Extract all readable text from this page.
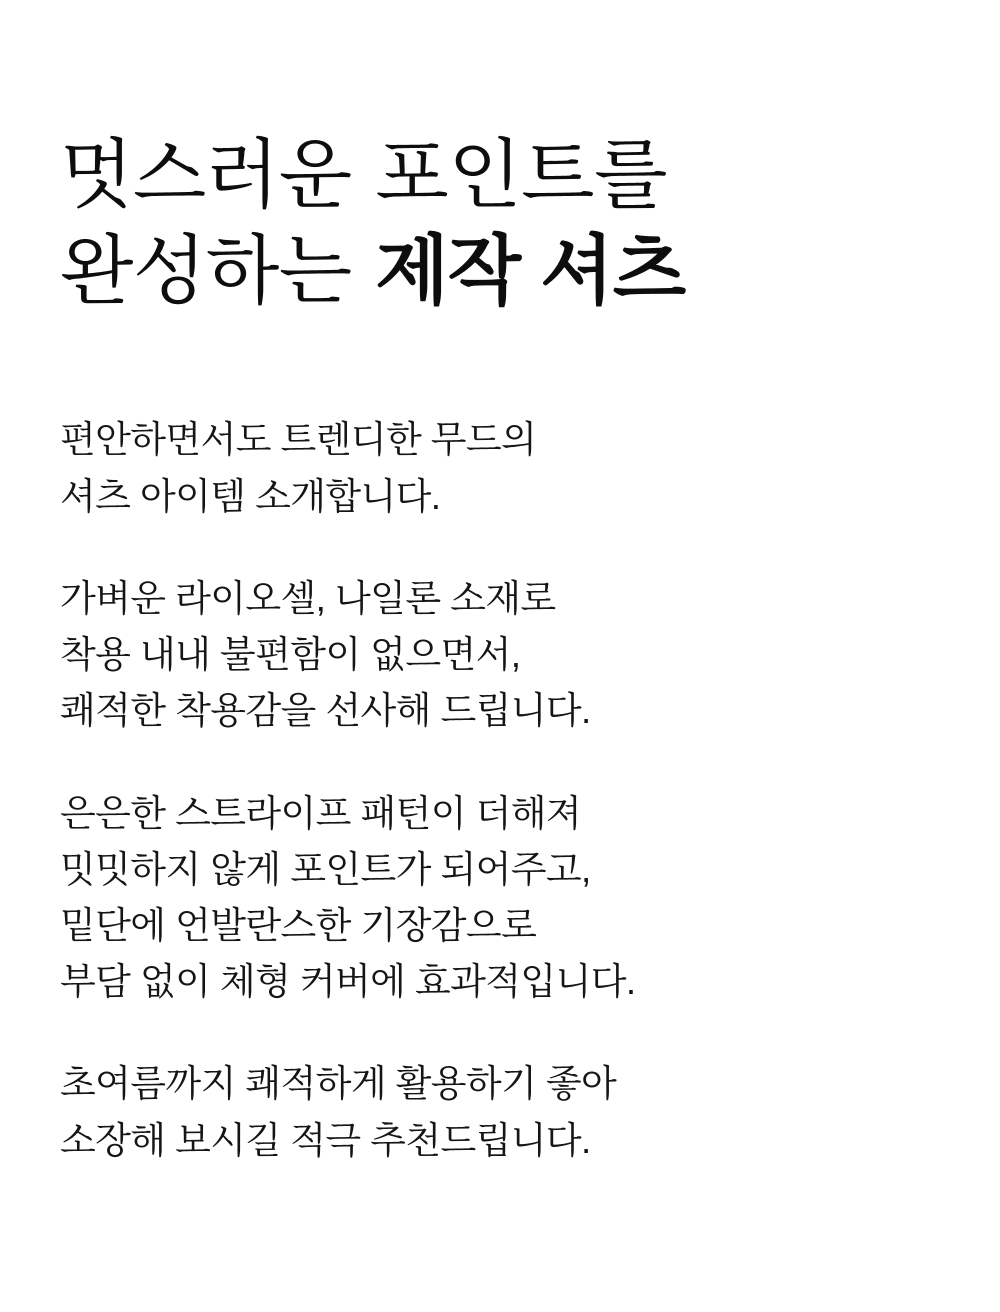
멋스러운 포인트를
완성하는 제작 셔츠

편안하면서도 트렌디한 무드의
셔츠 아이템 소개합니다.

가벼운 라이오셀, 나일론 소재로
착용 내내 불편함이 없으면서,
쾌적한 착용감을 선사해 드립니다.

은은한 스트라이프 패턴이 더해져
밋밋하지 않게 포인트가 되어주고,
밑단에 언발란스한 기장감으로
부담 없이 체형 커버에 효과적입니다.

초여름까지 쾌적하게 활용하기 좋아
소장해 보시길 적극 추천드립니다.
